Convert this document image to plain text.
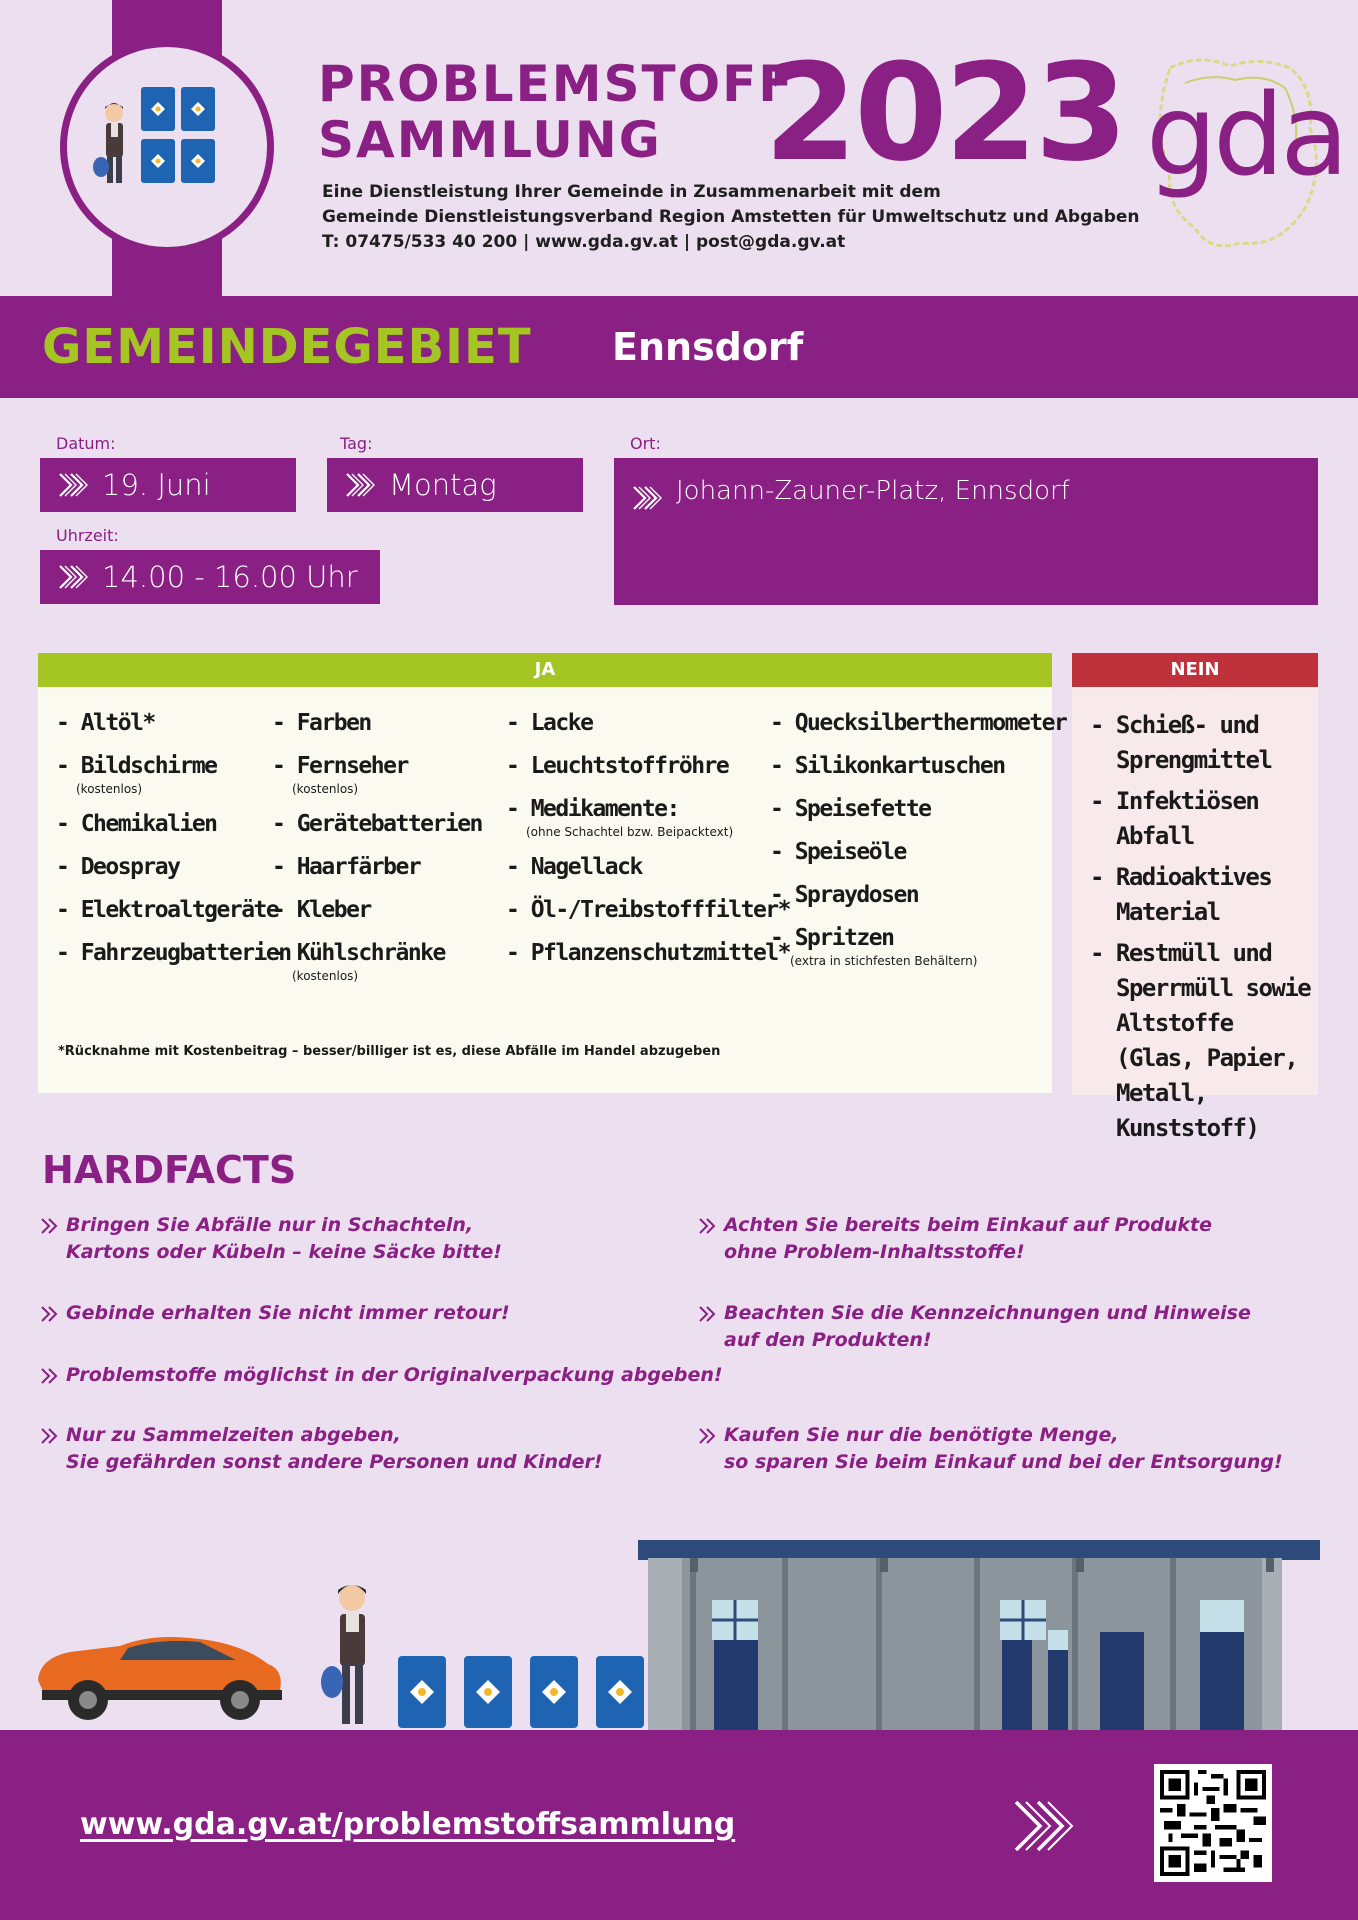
PROBLEMSTOFF
SAMMLUNG 2023
Eine Dienstleistung Ihrer Gemeinde in Zusammenarbeit mit dem
Gemeinde Dienstleistungsverband Region Amstetten für Umweltschutz und Abgaben
T: 07475/533 40 200 | www.gda.gv.at | post@gda.gv.at
gda
GEMEINDEGEBIET Ennsdorf
Datum:
19. Juni
Tag:
Montag
Ort:
Johann-Zauner-Platz, Ennsdorf
Uhrzeit:
14.00 - 16.00 Uhr
JA
- Altöl*
- Bildschirme
(kostenlos)
- Chemikalien
- Deospray
- Elektroaltgeräte
- Fahrzeugbatterien
- Farben
- Fernseher
(kostenlos)
- Gerätebatterien
- Haarfärber
- Kleber
- Kühlschränke
(kostenlos)
- Lacke
- Leuchtstoffröhre
- Medikamente:
(ohne Schachtel bzw. Beipacktext)
- Nagellack
- Öl-/Treibstofffilter*
- Pflanzenschutzmittel*
- Quecksilberthermometer
- Silikonkartuschen
- Speisefette
- Speiseöle
- Spraydosen
- Spritzen
(extra in stichfesten Behältern)
*Rücknahme mit Kostenbeitrag – besser/billiger ist es, diese Abfälle im Handel abzugeben
NEIN
- Schieß- und Sprengmittel
- Infektiösen Abfall
- Radioaktives Material
- Restmüll und Sperrmüll sowie Altstoffe (Glas, Papier, Metall, Kunststoff)
HARDFACTS
Bringen Sie Abfälle nur in Schachteln,
Kartons oder Kübeln – keine Säcke bitte!
Gebinde erhalten Sie nicht immer retour!
Problemstoffe möglichst in der Originalverpackung abgeben!
Nur zu Sammelzeiten abgeben,
Sie gefährden sonst andere Personen und Kinder!
Achten Sie bereits beim Einkauf auf Produkte
ohne Problem-Inhaltsstoffe!
Beachten Sie die Kennzeichnungen und Hinweise
auf den Produkten!
Kaufen Sie nur die benötigte Menge,
so sparen Sie beim Einkauf und bei der Entsorgung!
www.gda.gv.at/problemstoffsammlung
